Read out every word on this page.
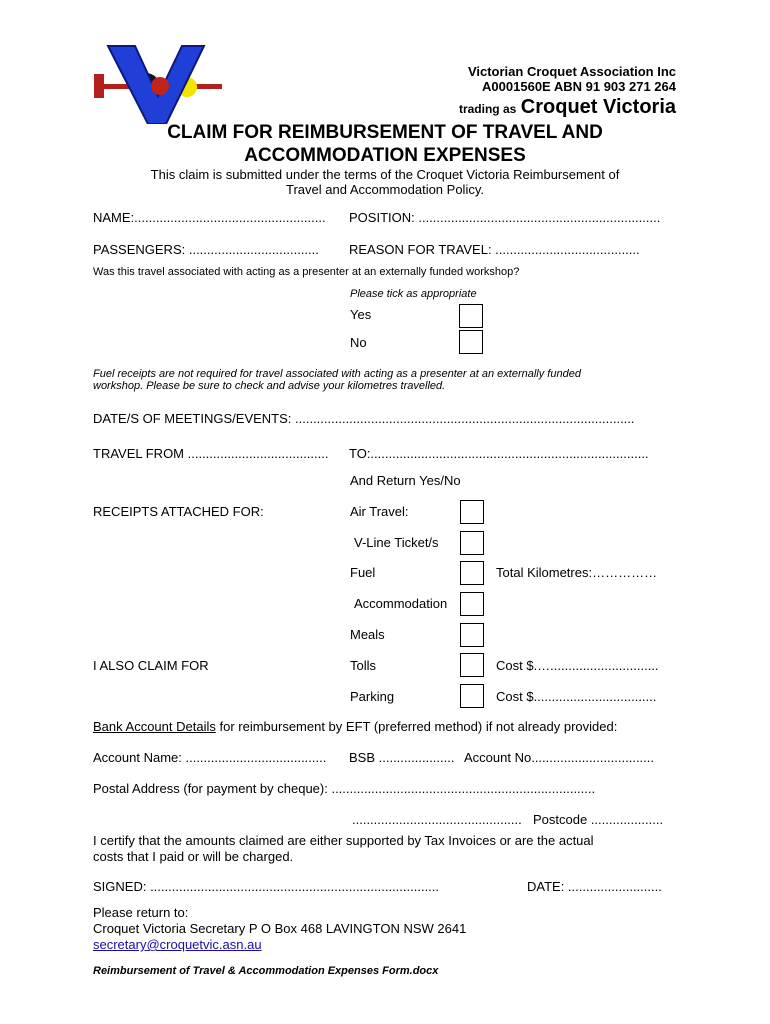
Victorian Croquet Association Inc
A0001560E ABN 91 903 271 264
trading as Croquet Victoria
CLAIM FOR REIMBURSEMENT OF TRAVEL AND
ACCOMMODATION EXPENSES
This claim is submitted under the terms of the Croquet Victoria Reimbursement of
Travel and Accommodation Policy.
NAME:..................................................... POSITION: ...................................................................
PASSENGERS: .................................... REASON FOR TRAVEL: ........................................
Was this travel associated with acting as a presenter at an externally funded workshop?
Please tick as appropriate
Yes
No
Fuel receipts are not required for travel associated with acting as a presenter at an externally funded
workshop. Please be sure to check and advise your kilometres travelled.
DATE/S OF MEETINGS/EVENTS: ..............................................................................................
TRAVEL FROM ....................................... TO:.............................................................................
And Return Yes/No
RECEIPTS ATTACHED FOR:	Air Travel:
V-Line Ticket/s
Fuel	Total Kilometres:……………
Accommodation
Meals
I ALSO CLAIM FOR	Tolls	Cost $.…..............................
Parking	Cost $..................................
Bank Account Details for reimbursement by EFT (preferred method) if not already provided:
Account Name: ....................................... BSB ..................... Account No..................................
Postal Address (for payment by cheque): .........................................................................
............................................... Postcode ....................
I certify that the amounts claimed are either supported by Tax Invoices or are the actual
costs that I paid or will be charged.
SIGNED: ................................................................................	DATE: ..........................
Please return to:
Croquet Victoria Secretary P O Box 468 LAVINGTON NSW 2641
secretary@croquetvic.asn.au
Reimbursement of Travel & Accommodation Expenses Form.docx
